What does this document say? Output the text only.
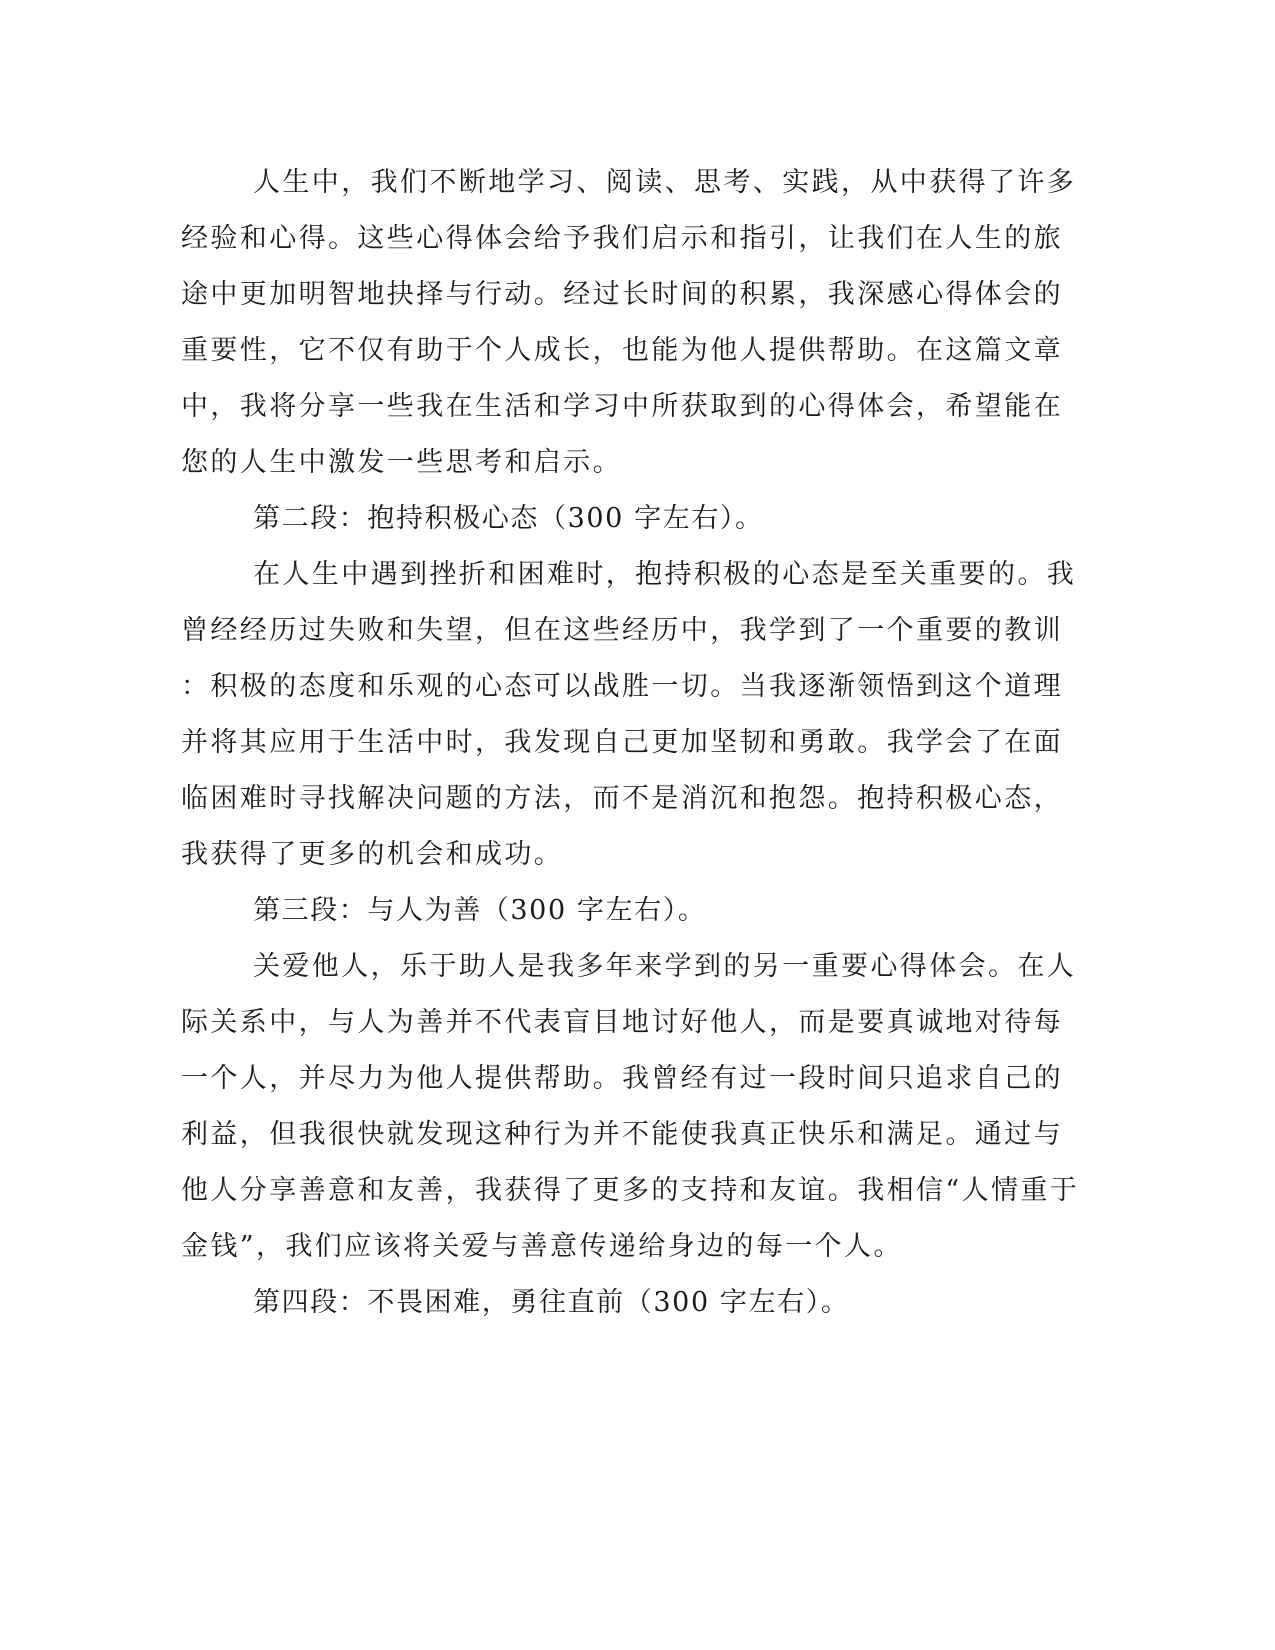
人生中，我们不断地学习、阅读、思考、实践，从中获得了许多
经验和心得。这些心得体会给予我们启示和指引，让我们在人生的旅
途中更加明智地抉择与行动。经过长时间的积累，我深感心得体会的
重要性，它不仅有助于个人成长，也能为他人提供帮助。在这篇文章
中，我将分享一些我在生活和学习中所获取到的心得体会，希望能在
您的人生中激发一些思考和启示。
第二段：抱持积极心态（300 字左右）。
在人生中遇到挫折和困难时，抱持积极的心态是至关重要的。我
曾经经历过失败和失望，但在这些经历中，我学到了一个重要的教训
：积极的态度和乐观的心态可以战胜一切。当我逐渐领悟到这个道理
并将其应用于生活中时，我发现自己更加坚韧和勇敢。我学会了在面
临困难时寻找解决问题的方法，而不是消沉和抱怨。抱持积极心态，
我获得了更多的机会和成功。
第三段：与人为善（300 字左右）。
关爱他人，乐于助人是我多年来学到的另一重要心得体会。在人
际关系中，与人为善并不代表盲目地讨好他人，而是要真诚地对待每
一个人，并尽力为他人提供帮助。我曾经有过一段时间只追求自己的
利益，但我很快就发现这种行为并不能使我真正快乐和满足。通过与
他人分享善意和友善，我获得了更多的支持和友谊。我相信“人情重于
金钱”，我们应该将关爱与善意传递给身边的每一个人。
第四段：不畏困难，勇往直前（300 字左右）。
